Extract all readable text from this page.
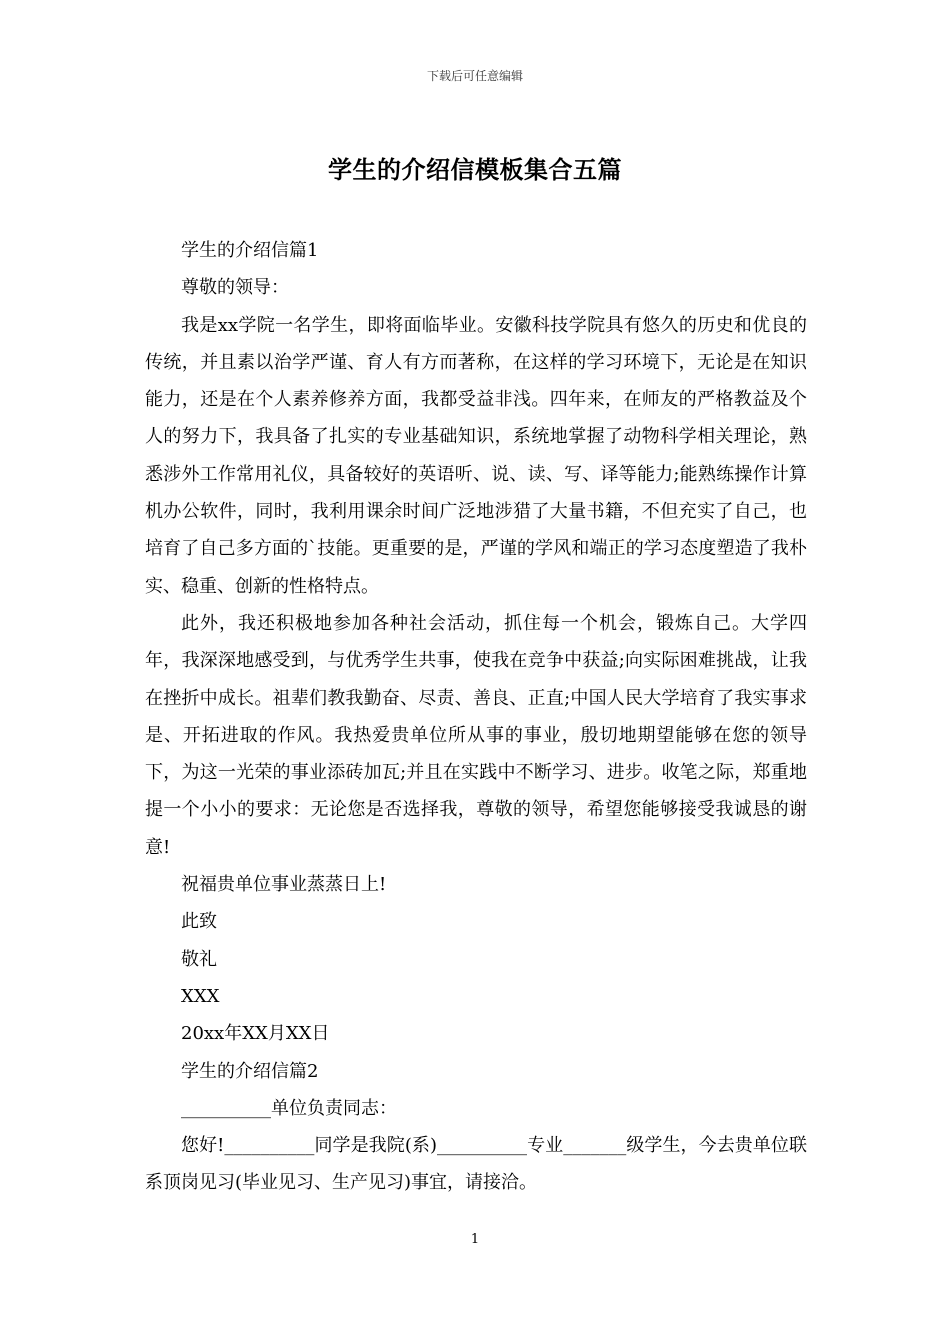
下载后可任意编辑
学生的介绍信模板集合五篇
学生的介绍信篇1
尊敬的领导：

我是xx学院一名学生，即将面临毕业。安徽科技学院具有悠久的历史和优良的传统，并且素以治学严谨、育人有方而著称，在这样的学习环境下，无论是在知识能力，还是在个人素养修养方面，我都受益非浅。四年来，在师友的严格教益及个人的努力下，我具备了扎实的专业基础知识，系统地掌握了动物科学相关理论，熟悉涉外工作常用礼仪，具备较好的英语听、说、读、写、译等能力;能熟练操作计算机办公软件，同时，我利用课余时间广泛地涉猎了大量书籍，不但充实了自己，也培育了自己多方面的`技能。更重要的是，严谨的学风和端正的学习态度塑造了我朴实、稳重、创新的性格特点。

此外，我还积极地参加各种社会活动，抓住每一个机会，锻炼自己。大学四年，我深深地感受到，与优秀学生共事，使我在竞争中获益;向实际困难挑战，让我在挫折中成长。祖辈们教我勤奋、尽责、善良、正直;中国人民大学培育了我实事求是、开拓进取的作风。我热爱贵单位所从事的事业，殷切地期望能够在您的领导下，为这一光荣的事业添砖加瓦;并且在实践中不断学习、进步。收笔之际，郑重地提一个小小的要求：无论您是否选择我，尊敬的领导，希望您能够接受我诚恳的谢意!

祝福贵单位事业蒸蒸日上!
此致
敬礼
XXX
20xx年XX月XX日
学生的介绍信篇2
__________单位负责同志：

您好!__________同学是我院(系)__________专业_______级学生，今去贵单位联系顶岗见习(毕业见习、生产见习)事宜，请接洽。

1
